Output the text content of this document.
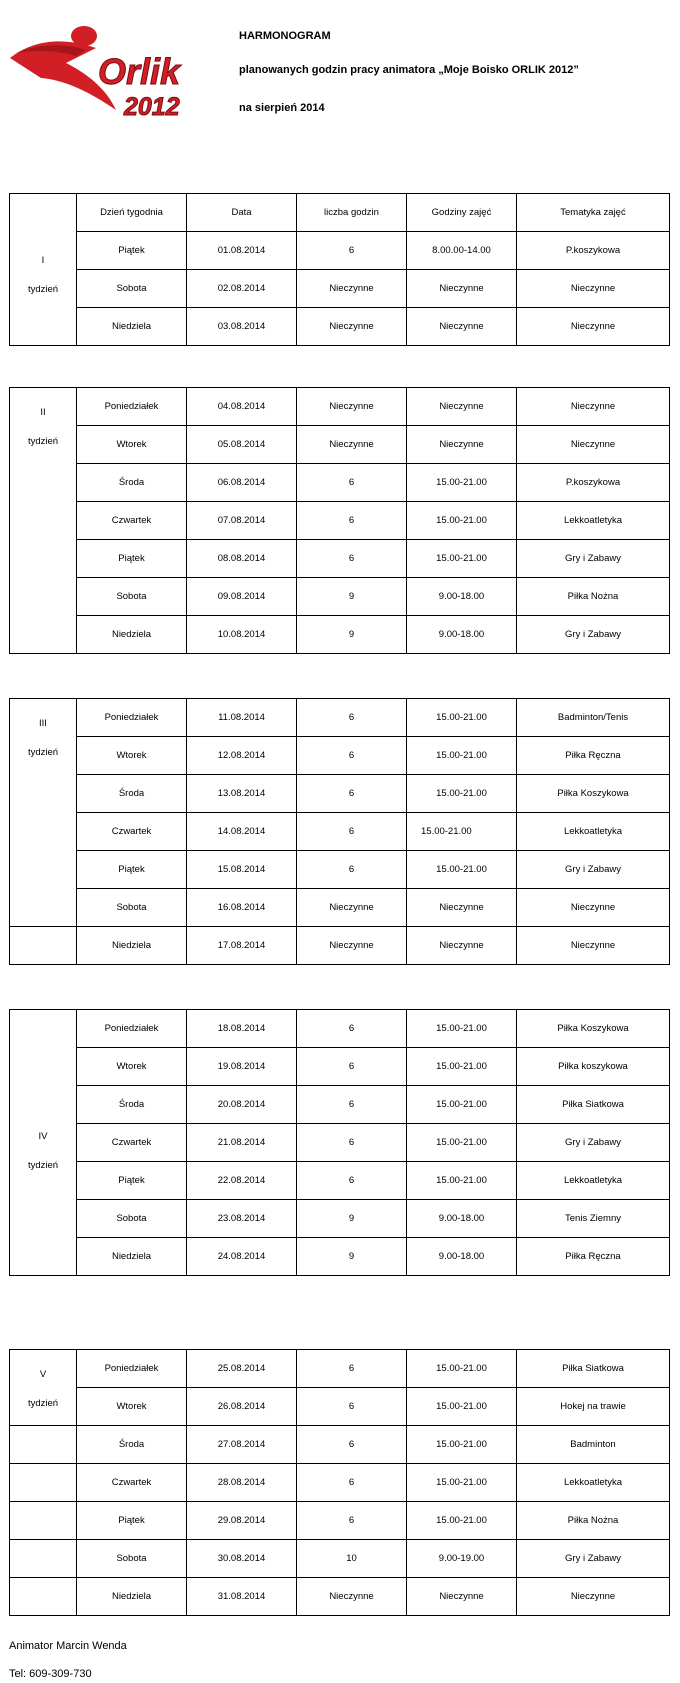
Orlik
2012
HARMONOGRAM
planowanych godzin pracy animatora „Moje Boisko ORLIK 2012”
na sierpień 2014
I
tydzień	Dzień tygodnia	Data	liczba godzin	Godziny zajęć	Tematyka zajęć
	Piątek	01.08.2014	6	8.00.00-14.00	P.koszykowa
	Sobota	02.08.2014	Nieczynne	Nieczynne	Nieczynne
	Niedziela	03.08.2014	Nieczynne	Nieczynne	Nieczynne
II
tydzień	Poniedziałek	04.08.2014	Nieczynne	Nieczynne	Nieczynne
	Wtorek	05.08.2014	Nieczynne	Nieczynne	Nieczynne
	Środa	06.08.2014	6	15.00-21.00	P.koszykowa
	Czwartek	07.08.2014	6	15.00-21.00	Lekkoatletyka
	Piątek	08.08.2014	6	15.00-21.00	Gry i Zabawy
	Sobota	09.08.2014	9	9.00-18.00	Piłka Nożna
	Niedziela	10.08.2014	9	9.00-18.00	Gry i Zabawy
III
tydzień	Poniedziałek	11.08.2014	6	15.00-21.00	Badminton/Tenis
	Wtorek	12.08.2014	6	15.00-21.00	Piłka Ręczna
	Środa	13.08.2014	6	15.00-21.00	Piłka Koszykowa
	Czwartek	14.08.2014	6	15.00-21.00	Lekkoatletyka
	Piątek	15.08.2014	6	15.00-21.00	Gry i Zabawy
	Sobota	16.08.2014	Nieczynne	Nieczynne	Nieczynne
	Niedziela	17.08.2014	Nieczynne	Nieczynne	Nieczynne
IV
tydzień	Poniedziałek	18.08.2014	6	15.00-21.00	Piłka Koszykowa
	Wtorek	19.08.2014	6	15.00-21.00	Piłka koszykowa
	Środa	20.08.2014	6	15.00-21.00	Piłka Siatkowa
	Czwartek	21.08.2014	6	15.00-21.00	Gry i Zabawy
	Piątek	22.08.2014	6	15.00-21.00	Lekkoatletyka
	Sobota	23.08.2014	9	9.00-18.00	Tenis Ziemny
	Niedziela	24.08.2014	9	9.00-18.00	Piłka Ręczna
V
tydzień	Poniedziałek	25.08.2014	6	15.00-21.00	Piłka Siatkowa
	Wtorek	26.08.2014	6	15.00-21.00	Hokej na trawie
	Środa	27.08.2014	6	15.00-21.00	Badminton
	Czwartek	28.08.2014	6	15.00-21.00	Lekkoatletyka
	Piątek	29.08.2014	6	15.00-21.00	Piłka Nożna
	Sobota	30.08.2014	10	9.00-19.00	Gry i Zabawy
	Niedziela	31.08.2014	Nieczynne	Nieczynne	Nieczynne
Animator Marcin Wenda
Tel: 609-309-730
